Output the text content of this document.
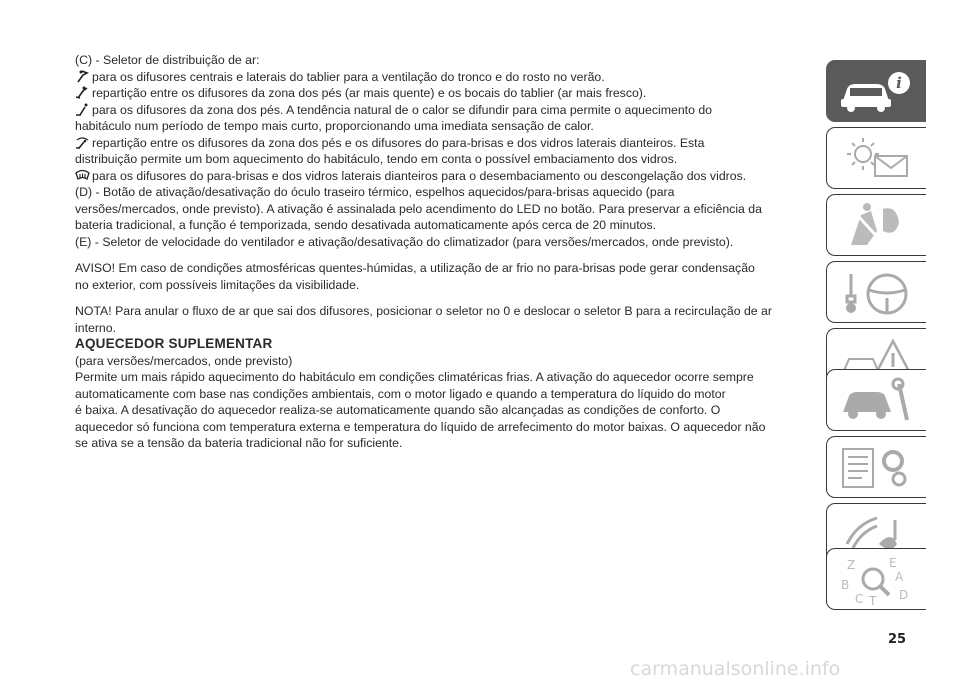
(C) - Seletor de distribuição de ar:

para os difusores centrais e laterais do tablier para a ventilação do tronco e do rosto no verão.

repartição entre os difusores da zona dos pés (ar mais quente) e os bocais do tablier (ar mais fresco).

para os difusores da zona dos pés. A tendência natural de o calor se difundir para cima permite o aquecimento do

habitáculo num período de tempo mais curto, proporcionando uma imediata sensação de calor.

repartição entre os difusores da zona dos pés e os difusores do para-brisas e dos vidros laterais dianteiros. Esta

distribuição permite um bom aquecimento do habitáculo, tendo em conta o possível embaciamento dos vidros.

para os difusores do para-brisas e dos vidros laterais dianteiros para o desembaciamento ou descongelação dos vidros.

(D) - Botão de ativação/desativação do óculo traseiro térmico, espelhos aquecidos/para-brisas aquecido (para

versões/mercados, onde previsto). A ativação é assinalada pelo acendimento do LED no botão. Para preservar a eficiência da

bateria tradicional, a função é temporizada, sendo desativada automaticamente após cerca de 20 minutos.

(E) - Seletor de velocidade do ventilador e ativação/desativação do climatizador (para versões/mercados, onde previsto).

AVISO! Em caso de condições atmosféricas quentes-húmidas, a utilização de ar frio no para-brisas pode gerar condensação

no exterior, com possíveis limitações da visibilidade.

NOTA! Para anular o fluxo de ar que sai dos difusores, posicionar o seletor no 0 e deslocar o seletor B para a recirculação de ar

interno.

AQUECEDOR SUPLEMENTAR

(para versões/mercados, onde previsto)

Permite um mais rápido aquecimento do habitáculo em condições climatéricas frias. A ativação do aquecedor ocorre sempre

automaticamente com base nas condições ambientais, com o motor ligado e quando a temperatura do líquido do motor

é baixa. A desativação do aquecedor realiza-se automaticamente quando são alcançadas as condições de conforto. O

aquecedor só funciona com temperatura externa e temperatura do líquido de arrefecimento do motor baixas. O aquecedor não

se ativa se a tensão da bateria tradicional não for suficiente.

i
Z	E
A
B
D
C T
25
carmanualsonline.info
